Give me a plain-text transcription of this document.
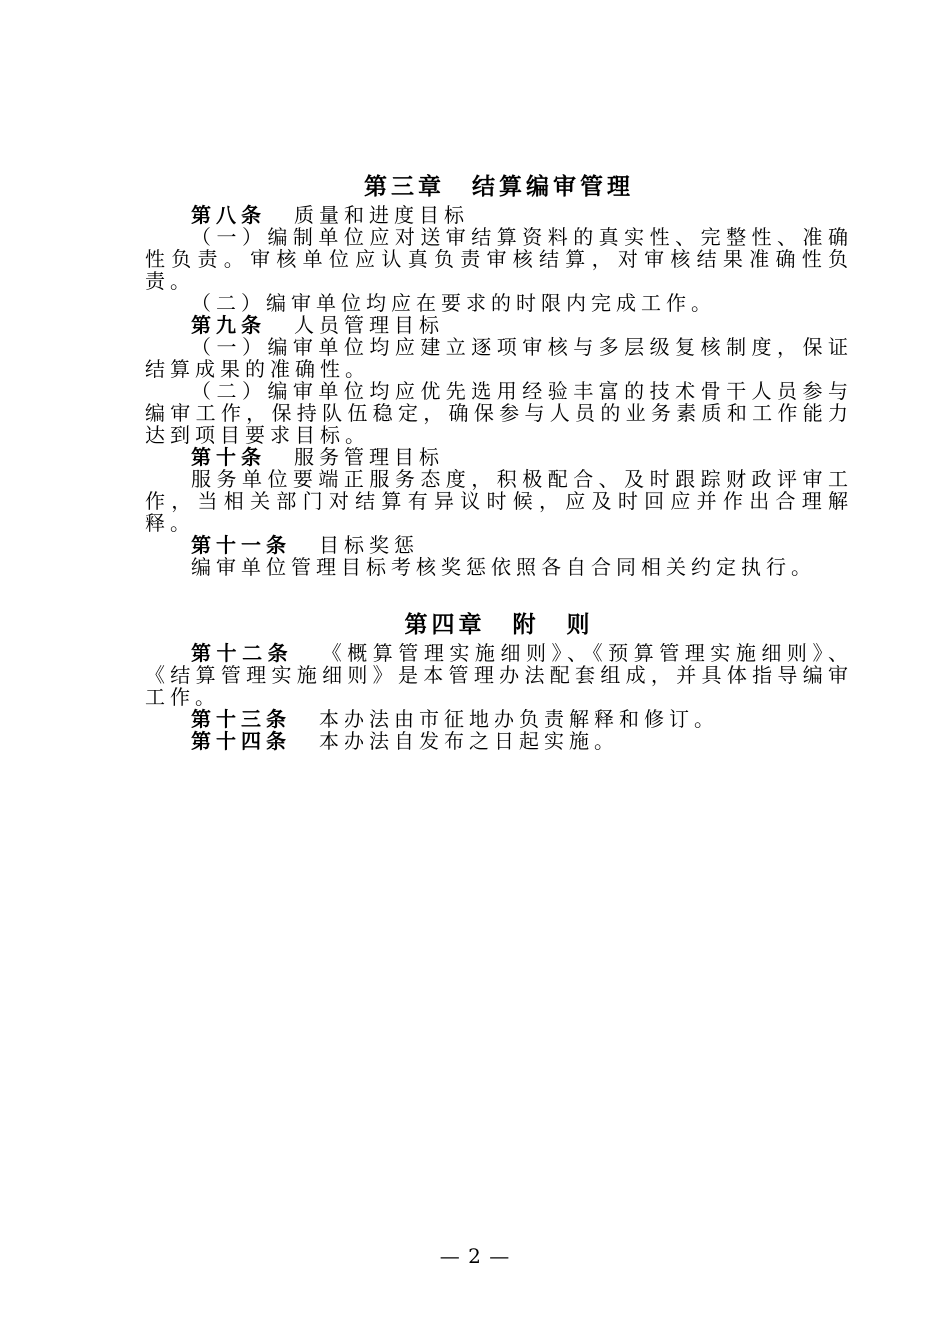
第三章　结算编审管理

第八条 质量和进度目标

（一）编制单位应对送审结算资料的真实性、完整性、准确性负责。审核单位应认真负责审核结算，对审核结果准确性负责。

（二）编审单位均应在要求的时限内完成工作。

第九条 人员管理目标

（一）编审单位均应建立逐项审核与多层级复核制度，保证结算成果的准确性。

（二）编审单位均应优先选用经验丰富的技术骨干人员参与编审工作，保持队伍稳定，确保参与人员的业务素质和工作能力达到项目要求目标。

第十条 服务管理目标

服务单位要端正服务态度，积极配合、及时跟踪财政评审工作，当相关部门对结算有异议时候，应及时回应并作出合理解释。

第十一条 目标奖惩

编审单位管理目标考核奖惩依照各自合同相关约定执行。

第四章　附　则

第十二条 《概算管理实施细则》、《预算管理实施细则》、《结算管理实施细则》是本管理办法配套组成，并具体指导编审工作。

第十三条 本办法由市征地办负责解释和修订。

第十四条 本办法自发布之日起实施。

— 2 —
